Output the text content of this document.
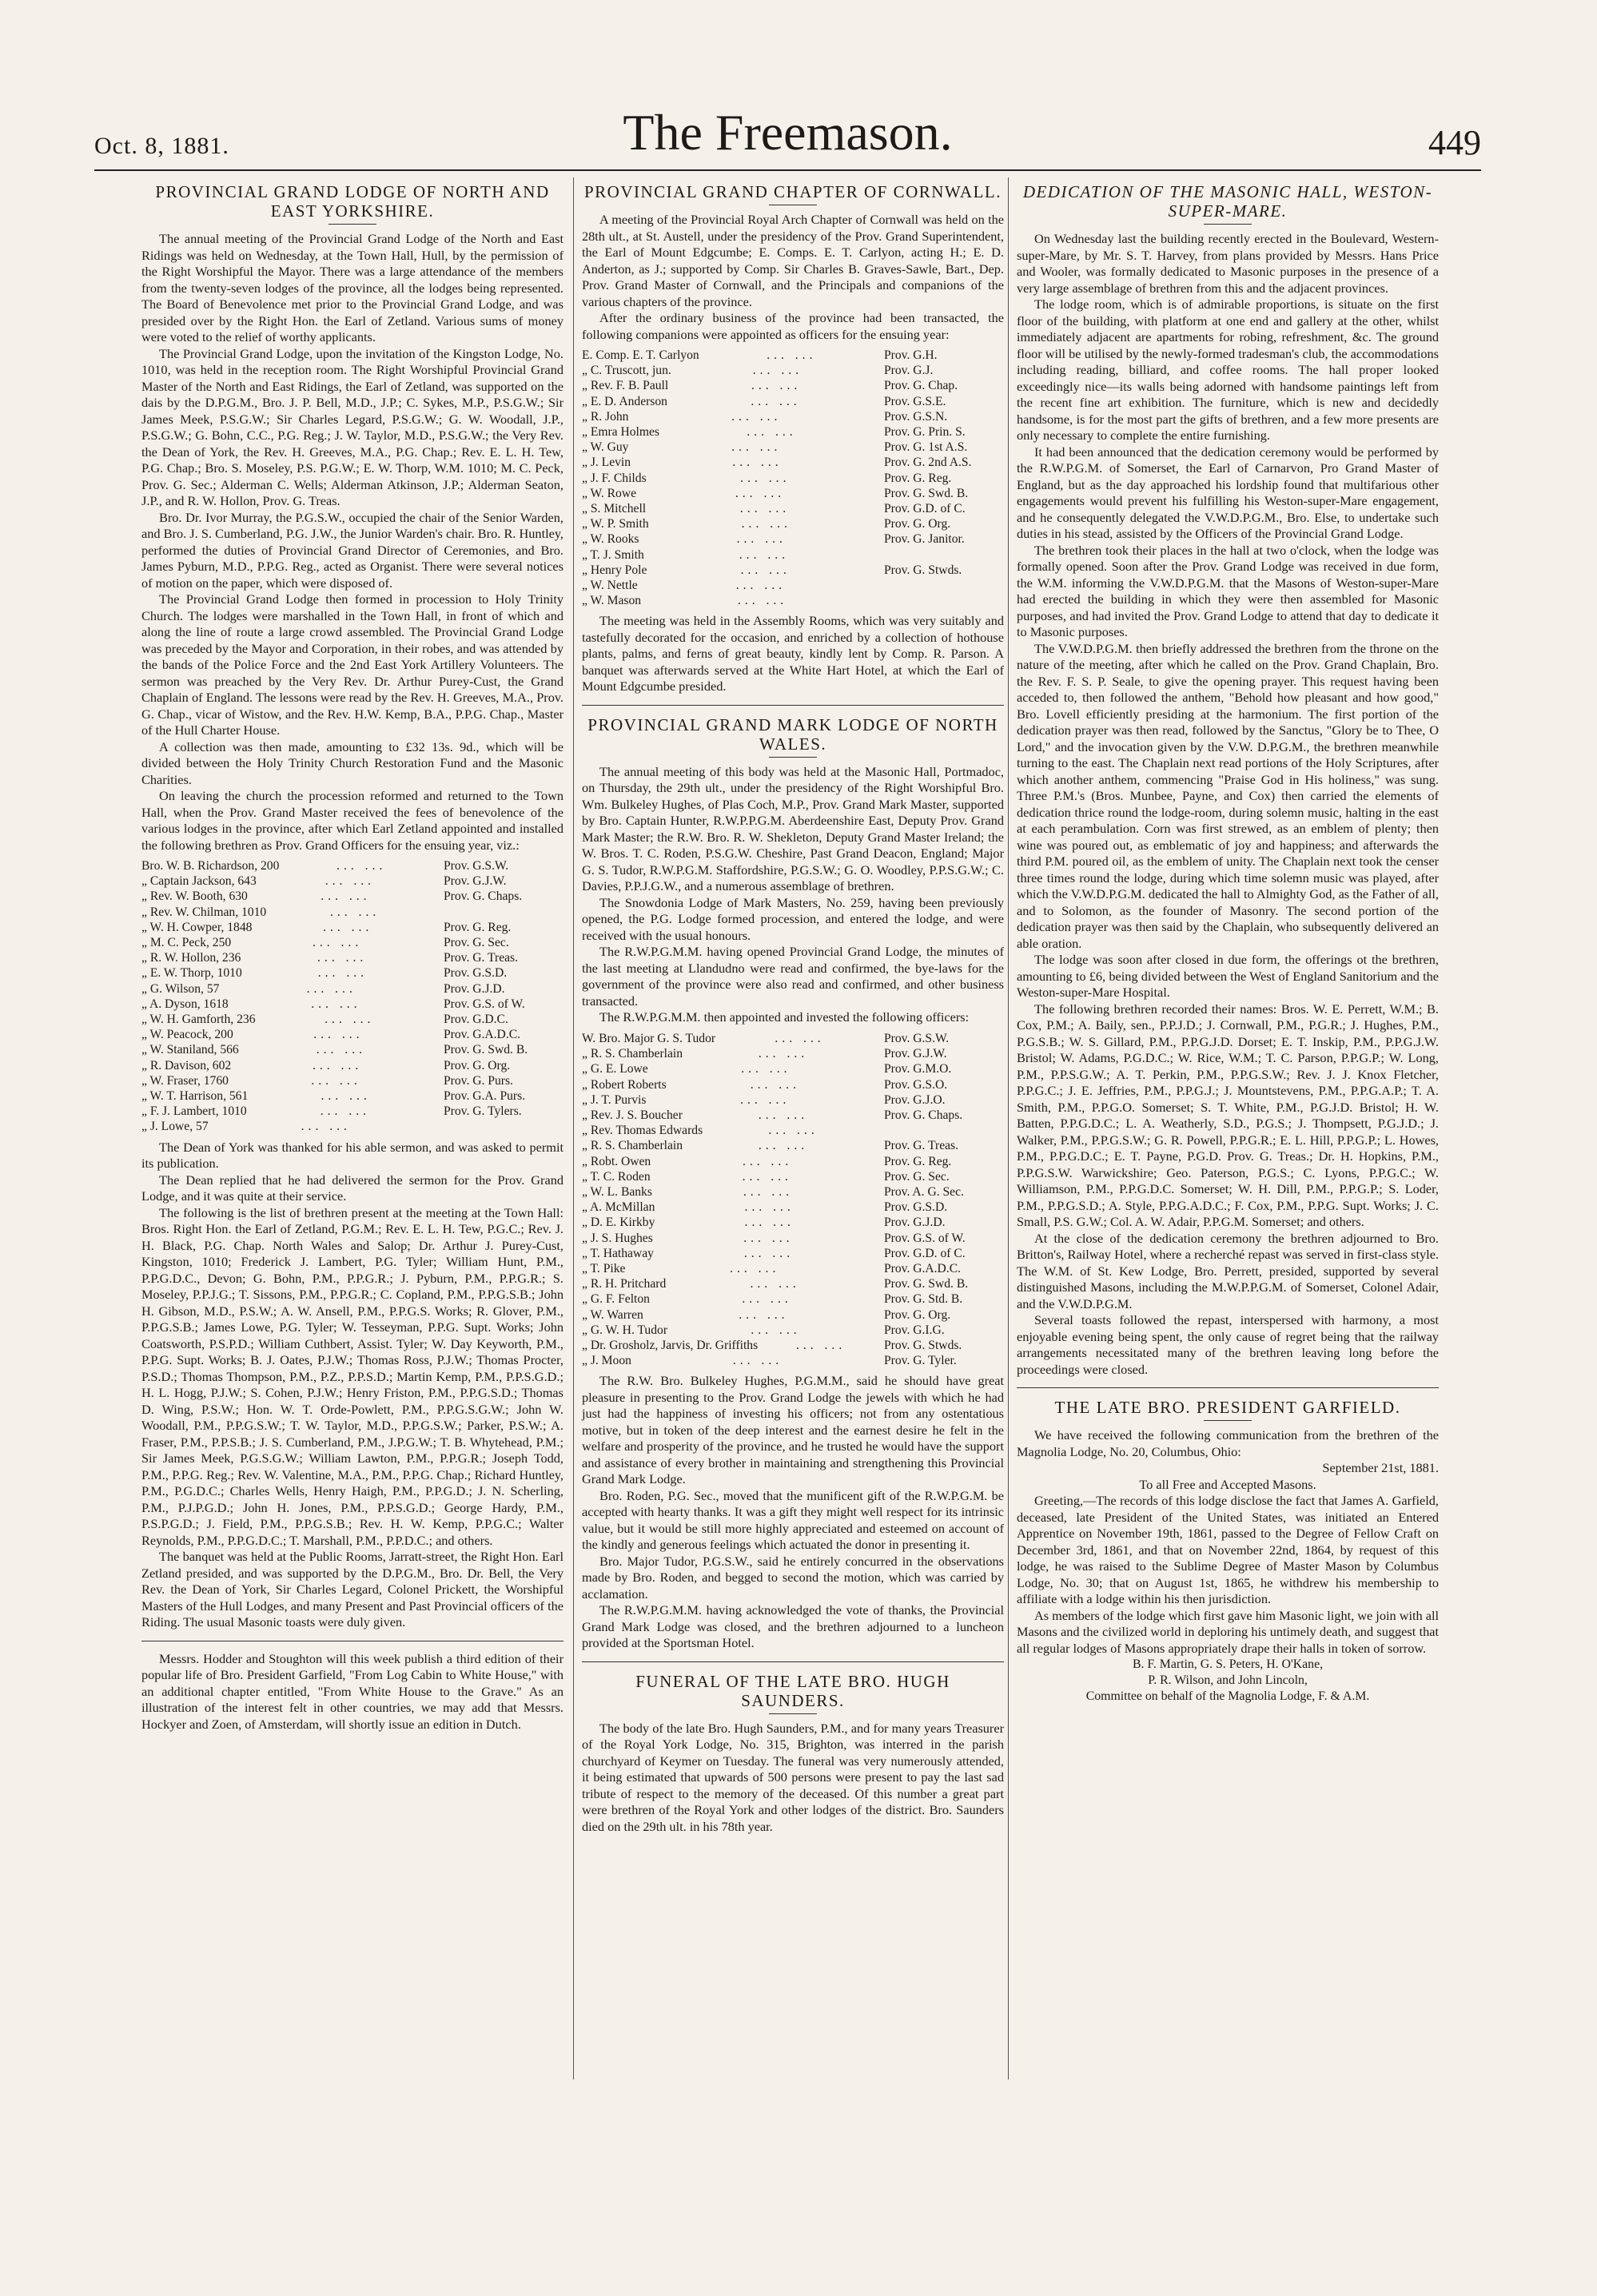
Oct. 8, 1881.	The Freemason.	449
PROVINCIAL GRAND LODGE OF NORTH AND EAST YORKSHIRE.

The annual meeting of the Provincial Grand Lodge of the North and East Ridings was held on Wednesday, at the Town Hall, Hull, by the permission of the Right Worshipful the Mayor. There was a large attendance of the members from the twenty-seven lodges of the province, all the lodges being represented. The Board of Benevolence met prior to the Provincial Grand Lodge, and was presided over by the Right Hon. the Earl of Zetland. Various sums of money were voted to the relief of worthy applicants.

The Provincial Grand Lodge, upon the invitation of the Kingston Lodge, No. 1010, was held in the reception room. The Right Worshipful Provincial Grand Master of the North and East Ridings, the Earl of Zetland, was supported on the dais by the D.P.G.M., Bro. J. P. Bell, M.D., J.P.; C. Sykes, M.P., P.S.G.W.; Sir James Meek, P.S.G.W.; Sir Charles Legard, P.S.G.W.; G. W. Woodall, J.P., P.S.G.W.; G. Bohn, C.C., P.G. Reg.; J. W. Taylor, M.D., P.S.G.W.; the Very Rev. the Dean of York, the Rev. H. Greeves, M.A., P.G. Chap.; Rev. E. L. H. Tew, P.G. Chap.; Bro. S. Moseley, P.S. P.G.W.; E. W. Thorp, W.M. 1010; M. C. Peck, Prov. G. Sec.; Alderman C. Wells; Alderman Atkinson, J.P.; Alderman Seaton, J.P., and R. W. Hollon, Prov. G. Treas.

Bro. Dr. Ivor Murray, the P.G.S.W., occupied the chair of the Senior Warden, and Bro. J. S. Cumberland, P.G. J.W., the Junior Warden's chair. Bro. R. Huntley, performed the duties of Provincial Grand Director of Ceremonies, and Bro. James Pyburn, M.D., P.P.G. Reg., acted as Organist. There were several notices of motion on the paper, which were disposed of.

The Provincial Grand Lodge then formed in procession to Holy Trinity Church. The lodges were marshalled in the Town Hall, in front of which and along the line of route a large crowd assembled. The Provincial Grand Lodge was preceded by the Mayor and Corporation, in their robes, and was attended by the bands of the Police Force and the 2nd East York Artillery Volunteers. The sermon was preached by the Very Rev. Dr. Arthur Purey-Cust, the Grand Chaplain of England. The lessons were read by the Rev. H. Greeves, M.A., Prov. G. Chap., vicar of Wistow, and the Rev. H.W. Kemp, B.A., P.P.G. Chap., Master of the Hull Charter House.

A collection was then made, amounting to £32 13s. 9d., which will be divided between the Holy Trinity Church Restoration Fund and the Masonic Charities.

On leaving the church the procession reformed and returned to the Town Hall, when the Prov. Grand Master received the fees of benevolence of the various lodges in the province, after which Earl Zetland appointed and installed the following brethren as Prov. Grand Officers for the ensuing year, viz.:

Bro. W. B. Richardson, 200	... ...	Prov. G.S.W.
„ Captain Jackson, 643	... ...	Prov. G.J.W.
„ Rev. W. Booth, 630	... ...	Prov. G. Chaps.
„ Rev. W. Chilman, 1010	... ...
„ W. H. Cowper, 1848	... ...	Prov. G. Reg.
„ M. C. Peck, 250	... ...	Prov. G. Sec.
„ R. W. Hollon, 236	... ...	Prov. G. Treas.
„ E. W. Thorp, 1010	... ...	Prov. G.S.D.
„ G. Wilson, 57	... ...	Prov. G.J.D.
„ A. Dyson, 1618	... ...	Prov. G.S. of W.
„ W. H. Gamforth, 236	... ...	Prov. G.D.C.
„ W. Peacock, 200	... ...	Prov. G.A.D.C.
„ W. Staniland, 566	... ...	Prov. G. Swd. B.
„ R. Davison, 602	... ...	Prov. G. Org.
„ W. Fraser, 1760	... ...	Prov. G. Purs.
„ W. T. Harrison, 561	... ...	Prov. G.A. Purs.
„ F. J. Lambert, 1010	... ...	Prov. G. Tylers.
„ J. Lowe, 57	... ...

The Dean of York was thanked for his able sermon, and was asked to permit its publication.

The Dean replied that he had delivered the sermon for the Prov. Grand Lodge, and it was quite at their service.

The following is the list of brethren present at the meeting at the Town Hall: Bros. Right Hon. the Earl of Zetland, P.G.M.; Rev. E. L. H. Tew, P.G.C.; Rev. J. H. Black, P.G. Chap. North Wales and Salop; Dr. Arthur J. Purey-Cust, Kingston, 1010; Frederick J. Lambert, P.G. Tyler; William Hunt, P.M., P.P.G.D.C., Devon; G. Bohn, P.M., P.P.G.R.; J. Pyburn, P.M., P.P.G.R.; S. Moseley, P.P.J.G.; T. Sissons, P.M., P.P.G.R.; C. Copland, P.M., P.P.G.S.B.; John H. Gibson, M.D., P.S.W.; A. W. Ansell, P.M., P.P.G.S. Works; R. Glover, P.M., P.P.G.S.B.; James Lowe, P.G. Tyler; W. Tesseyman, P.P.G. Supt. Works; John Coatsworth, P.S.P.D.; William Cuthbert, Assist. Tyler; W. Day Keyworth, P.M., P.P.G. Supt. Works; B. J. Oates, P.J.W.; Thomas Ross, P.J.W.; Thomas Procter, P.S.D.; Thomas Thompson, P.M., P.Z., P.P.S.D.; Martin Kemp, P.M., P.P.S.G.D.; H. L. Hogg, P.J.W.; S. Cohen, P.J.W.; Henry Friston, P.M., P.P.G.S.D.; Thomas D. Wing, P.S.W.; Hon. W. T. Orde-Powlett, P.M., P.P.G.S.G.W.; John W. Woodall, P.M., P.P.G.S.W.; T. W. Taylor, M.D., P.P.G.S.W.; Parker, P.S.W.; A. Fraser, P.M., P.P.S.B.; J. S. Cumberland, P.M., J.P.G.W.; T. B. Whytehead, P.M.; Sir James Meek, P.G.S.G.W.; William Lawton, P.M., P.P.G.R.; Joseph Todd, P.M., P.P.G. Reg.; Rev. W. Valentine, M.A., P.M., P.P.G. Chap.; Richard Huntley, P.M., P.G.D.C.; Charles Wells, Henry Haigh, P.M., P.P.G.D.; J. N. Scherling, P.M., P.J.P.G.D.; John H. Jones, P.M., P.P.S.G.D.; George Hardy, P.M., P.S.P.G.D.; J. Field, P.M., P.P.G.S.B.; Rev. H. W. Kemp, P.P.G.C.; Walter Reynolds, P.M., P.P.G.D.C.; T. Marshall, P.M., P.P.D.C.; and others.

The banquet was held at the Public Rooms, Jarratt-street, the Right Hon. Earl Zetland presided, and was supported by the D.P.G.M., Bro. Dr. Bell, the Very Rev. the Dean of York, Sir Charles Legard, Colonel Prickett, the Worshipful Masters of the Hull Lodges, and many Present and Past Provincial officers of the Riding. The usual Masonic toasts were duly given.

Messrs. Hodder and Stoughton will this week publish a third edition of their popular life of Bro. President Garfield, "From Log Cabin to White House," with an additional chapter entitled, "From White House to the Grave." As an illustration of the interest felt in other countries, we may add that Messrs. Hockyer and Zoen, of Amsterdam, will shortly issue an edition in Dutch.

PROVINCIAL GRAND CHAPTER OF CORNWALL.

A meeting of the Provincial Royal Arch Chapter of Cornwall was held on the 28th ult., at St. Austell, under the presidency of the Prov. Grand Superintendent, the Earl of Mount Edgcumbe; E. Comps. E. T. Carlyon, acting H.; E. D. Anderton, as J.; supported by Comp. Sir Charles B. Graves-Sawle, Bart., Dep. Prov. Grand Master of Cornwall, and the Principals and companions of the various chapters of the province.

After the ordinary business of the province had been transacted, the following companions were appointed as officers for the ensuing year:

E. Comp. E. T. Carlyon	... ...	Prov. G.H.
„ C. Truscott, jun.	... ...	Prov. G.J.
„ Rev. F. B. Paull	... ...	Prov. G. Chap.
„ E. D. Anderson	... ...	Prov. G.S.E.
„ R. John	... ...	Prov. G.S.N.
„ Emra Holmes	... ...	Prov. G. Prin. S.
„ W. Guy	... ...	Prov. G. 1st A.S.
„ J. Levin	... ...	Prov. G. 2nd A.S.
„ J. F. Childs	... ...	Prov. G. Reg.
„ W. Rowe	... ...	Prov. G. Swd. B.
„ S. Mitchell	... ...	Prov. G.D. of C.
„ W. P. Smith	... ...	Prov. G. Org.
„ W. Rooks	... ...	Prov. G. Janitor.
„ T. J. Smith	... ...
„ Henry Pole	... ...	Prov. G. Stwds.
„ W. Nettle	... ...
„ W. Mason	... ...

The meeting was held in the Assembly Rooms, which was very suitably and tastefully decorated for the occasion, and enriched by a collection of hothouse plants, palms, and ferns of great beauty, kindly lent by Comp. R. Parson. A banquet was afterwards served at the White Hart Hotel, at which the Earl of Mount Edgcumbe presided.

PROVINCIAL GRAND MARK LODGE OF NORTH WALES.

The annual meeting of this body was held at the Masonic Hall, Portmadoc, on Thursday, the 29th ult., under the presidency of the Right Worshipful Bro. Wm. Bulkeley Hughes, of Plas Coch, M.P., Prov. Grand Mark Master, supported by Bro. Captain Hunter, R.W.P.P.G.M. Aberdeenshire East, Deputy Prov. Grand Mark Master; the R.W. Bro. R. W. Shekleton, Deputy Grand Master Ireland; the W. Bros. T. C. Roden, P.S.G.W. Cheshire, Past Grand Deacon, England; Major G. S. Tudor, R.W.P.G.M. Staffordshire, P.G.S.W.; G. O. Woodley, P.P.S.G.W.; C. Davies, P.P.J.G.W., and a numerous assemblage of brethren.

The Snowdonia Lodge of Mark Masters, No. 259, having been previously opened, the P.G. Lodge formed procession, and entered the lodge, and were received with the usual honours.

The R.W.P.G.M.M. having opened Provincial Grand Lodge, the minutes of the last meeting at Llandudno were read and confirmed, the bye-laws for the government of the province were also read and confirmed, and other business transacted.

The R.W.P.G.M.M. then appointed and invested the following officers:

W. Bro. Major G. S. Tudor	... ...	Prov. G.S.W.
„ R. S. Chamberlain	... ...	Prov. G.J.W.
„ G. E. Lowe	... ...	Prov. G.M.O.
„ Robert Roberts	... ...	Prov. G.S.O.
„ J. T. Purvis	... ...	Prov. G.J.O.
„ Rev. J. S. Boucher	... ...	Prov. G. Chaps.
„ Rev. Thomas Edwards	... ...
„ R. S. Chamberlain	... ...	Prov. G. Treas.
„ Robt. Owen	... ...	Prov. G. Reg.
„ T. C. Roden	... ...	Prov. G. Sec.
„ W. L. Banks	... ...	Prov. A. G. Sec.
„ A. McMillan	... ...	Prov. G.S.D.
„ D. E. Kirkby	... ...	Prov. G.J.D.
„ J. S. Hughes	... ...	Prov. G.S. of W.
„ T. Hathaway	... ...	Prov. G.D. of C.
„ T. Pike	... ...	Prov. G.A.D.C.
„ R. H. Pritchard	... ...	Prov. G. Swd. B.
„ G. F. Felton	... ...	Prov. G. Std. B.
„ W. Warren	... ...	Prov. G. Org.
„ G. W. H. Tudor	... ...	Prov. G.I.G.
„ Dr. Grosholz, Jarvis, Dr. Griffiths	... ...	Prov. G. Stwds.
„ J. Moon	... ...	Prov. G. Tyler.

The R.W. Bro. Bulkeley Hughes, P.G.M.M., said he should have great pleasure in presenting to the Prov. Grand Lodge the jewels with which he had just had the happiness of investing his officers; not from any ostentatious motive, but in token of the deep interest and the earnest desire he felt in the welfare and prosperity of the province, and he trusted he would have the support and assistance of every brother in maintaining and strengthening this Provincial Grand Mark Lodge.

Bro. Roden, P.G. Sec., moved that the munificent gift of the R.W.P.G.M. be accepted with hearty thanks. It was a gift they might well respect for its intrinsic value, but it would be still more highly appreciated and esteemed on account of the kindly and generous feelings which actuated the donor in presenting it.

Bro. Major Tudor, P.G.S.W., said he entirely concurred in the observations made by Bro. Roden, and begged to second the motion, which was carried by acclamation.

The R.W.P.G.M.M. having acknowledged the vote of thanks, the Provincial Grand Mark Lodge was closed, and the brethren adjourned to a luncheon provided at the Sportsman Hotel.

FUNERAL OF THE LATE BRO. HUGH SAUNDERS.

The body of the late Bro. Hugh Saunders, P.M., and for many years Treasurer of the Royal York Lodge, No. 315, Brighton, was interred in the parish churchyard of Keymer on Tuesday. The funeral was very numerously attended, it being estimated that upwards of 500 persons were present to pay the last sad tribute of respect to the memory of the deceased. Of this number a great part were brethren of the Royal York and other lodges of the district. Bro. Saunders died on the 29th ult. in his 78th year.

DEDICATION OF THE MASONIC HALL, WESTON-SUPER-MARE.

On Wednesday last the building recently erected in the Boulevard, Western-super-Mare, by Mr. S. T. Harvey, from plans provided by Messrs. Hans Price and Wooler, was formally dedicated to Masonic purposes in the presence of a very large assemblage of brethren from this and the adjacent provinces.

The lodge room, which is of admirable proportions, is situate on the first floor of the building, with platform at one end and gallery at the other, whilst immediately adjacent are apartments for robing, refreshment, &c. The ground floor will be utilised by the newly-formed tradesman's club, the accommodations including reading, billiard, and coffee rooms. The hall proper looked exceedingly nice—its walls being adorned with handsome paintings left from the recent fine art exhibition. The furniture, which is new and decidedly handsome, is for the most part the gifts of brethren, and a few more presents are only necessary to complete the entire furnishing.

It had been announced that the dedication ceremony would be performed by the R.W.P.G.M. of Somerset, the Earl of Carnarvon, Pro Grand Master of England, but as the day approached his lordship found that multifarious other engagements would prevent his fulfilling his Weston-super-Mare engagement, and he consequently delegated the V.W.D.P.G.M., Bro. Else, to undertake such duties in his stead, assisted by the Officers of the Provincial Grand Lodge.

The brethren took their places in the hall at two o'clock, when the lodge was formally opened. Soon after the Prov. Grand Lodge was received in due form, the W.M. informing the V.W.D.P.G.M. that the Masons of Weston-super-Mare had erected the building in which they were then assembled for Masonic purposes, and had invited the Prov. Grand Lodge to attend that day to dedicate it to Masonic purposes.

The V.W.D.P.G.M. then briefly addressed the brethren from the throne on the nature of the meeting, after which he called on the Prov. Grand Chaplain, Bro. the Rev. F. S. P. Seale, to give the opening prayer. This request having been acceded to, then followed the anthem, "Behold how pleasant and how good," Bro. Lovell efficiently presiding at the harmonium. The first portion of the dedication prayer was then read, followed by the Sanctus, "Glory be to Thee, O Lord," and the invocation given by the V.W. D.P.G.M., the brethren meanwhile turning to the east. The Chaplain next read portions of the Holy Scriptures, after which another anthem, commencing "Praise God in His holiness," was sung. Three P.M.'s (Bros. Munbee, Payne, and Cox) then carried the elements of dedication thrice round the lodge-room, during solemn music, halting in the east at each perambulation. Corn was first strewed, as an emblem of plenty; then wine was poured out, as emblematic of joy and happiness; and afterwards the third P.M. poured oil, as the emblem of unity. The Chaplain next took the censer three times round the lodge, during which time solemn music was played, after which the V.W.D.P.G.M. dedicated the hall to Almighty God, as the Father of all, and to Solomon, as the founder of Masonry. The second portion of the dedication prayer was then said by the Chaplain, who subsequently delivered an able oration.

The lodge was soon after closed in due form, the offerings ot the brethren, amounting to £6, being divided between the West of England Sanitorium and the Weston-super-Mare Hospital.

The following brethren recorded their names: Bros. W. E. Perrett, W.M.; B. Cox, P.M.; A. Baily, sen., P.P.J.D.; J. Cornwall, P.M., P.G.R.; J. Hughes, P.M., P.G.S.B.; W. S. Gillard, P.M., P.P.G.J.D. Dorset; E. T. Inskip, P.M., P.P.G.J.W. Bristol; W. Adams, P.G.D.C.; W. Rice, W.M.; T. C. Parson, P.P.G.P.; W. Long, P.M., P.P.S.G.W.; A. T. Perkin, P.M., P.P.G.S.W.; Rev. J. J. Knox Fletcher, P.P.G.C.; J. E. Jeffries, P.M., P.P.G.J.; J. Mountstevens, P.M., P.P.G.A.P.; T. A. Smith, P.M., P.P.G.O. Somerset; S. T. White, P.M., P.G.J.D. Bristol; H. W. Batten, P.P.G.D.C.; L. A. Weatherly, S.D., P.G.S.; J. Thompsett, P.G.J.D.; J. Walker, P.M., P.P.G.S.W.; G. R. Powell, P.P.G.R.; E. L. Hill, P.P.G.P.; L. Howes, P.M., P.P.G.D.C.; E. T. Payne, P.G.D. Prov. G. Treas.; Dr. H. Hopkins, P.M., P.P.G.S.W. Warwickshire; Geo. Paterson, P.G.S.; C. Lyons, P.P.G.C.; W. Williamson, P.M., P.P.G.D.C. Somerset; W. H. Dill, P.M., P.P.G.P.; S. Loder, P.M., P.P.G.S.D.; A. Style, P.P.G.A.D.C.; F. Cox, P.M., P.P.G. Supt. Works; J. C. Small, P.S. G.W.; Col. A. W. Adair, P.P.G.M. Somerset; and others.

At the close of the dedication ceremony the brethren adjourned to Bro. Britton's, Railway Hotel, where a recherché repast was served in first-class style. The W.M. of St. Kew Lodge, Bro. Perrett, presided, supported by several distinguished Masons, including the M.W.P.P.G.M. of Somerset, Colonel Adair, and the V.W.D.P.G.M.

Several toasts followed the repast, interspersed with harmony, a most enjoyable evening being spent, the only cause of regret being that the railway arrangements necessitated many of the brethren leaving long before the proceedings were closed.

THE LATE BRO. PRESIDENT GARFIELD.

We have received the following communication from the brethren of the Magnolia Lodge, No. 20, Columbus, Ohio:

September 21st, 1881.

To all Free and Accepted Masons.

Greeting,—The records of this lodge disclose the fact that James A. Garfield, deceased, late President of the United States, was initiated an Entered Apprentice on November 19th, 1861, passed to the Degree of Fellow Craft on December 3rd, 1861, and that on November 22nd, 1864, by request of this lodge, he was raised to the Sublime Degree of Master Mason by Columbus Lodge, No. 30; that on August 1st, 1865, he withdrew his membership to affiliate with a lodge within his then jurisdiction.

As members of the lodge which first gave him Masonic light, we join with all Masons and the civilized world in deploring his untimely death, and suggest that all regular lodges of Masons appropriately drape their halls in token of sorrow.

B. F. Martin, G. S. Peters, H. O'Kane,
P. R. Wilson, and John Lincoln,
Committee on behalf of the Magnolia Lodge, F. & A.M.
